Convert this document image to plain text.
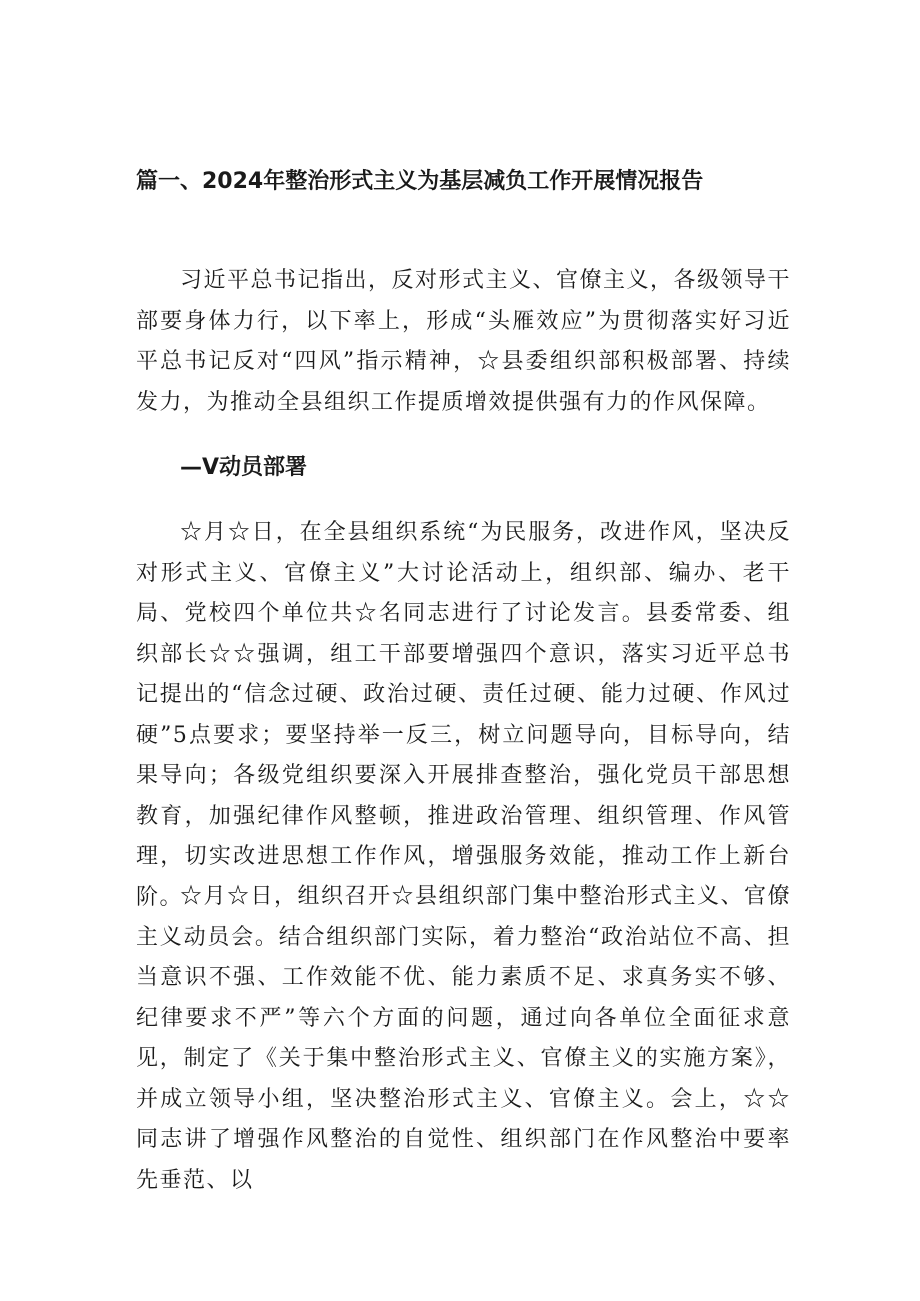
篇一、2024年整治形式主义为基层减负工作开展情况报告

习近平总书记指出，反对形式主义、官僚主义，各级领导干部要身体力行，以下率上，形成“头雁效应”为贯彻落实好习近平总书记反对“四风”指示精神，☆县委组织部积极部署、持续发力，为推动全县组织工作提质增效提供强有力的作风保障。

—V动员部署

☆月☆日，在全县组织系统“为民服务，改进作风，坚决反对形式主义、官僚主义”大讨论活动上，组织部、编办、老干局、党校四个单位共☆名同志进行了讨论发言。县委常委、组织部长☆☆强调，组工干部要增强四个意识，落实习近平总书记提出的“信念过硬、政治过硬、责任过硬、能力过硬、作风过硬”5点要求；要坚持举一反三，树立问题导向，目标导向，结果导向；各级党组织要深入开展排查整治，强化党员干部思想教育，加强纪律作风整顿，推进政治管理、组织管理、作风管理，切实改进思想工作作风，增强服务效能，推动工作上新台阶。

☆月☆日，组织召开☆县组织部门集中整治形式主义、官僚主义动员会。结合组织部门实际，着力整治“政治站位不高、担当意识不强、工作效能不优、能力素质不足、求真务实不够、纪律要求不严”等六个方面的问题，通过向各单位全面征求意见，制定了《关于集中整治形式主义、官僚主义的实施方案》，并成立领导小组，坚决整治形式主义、官僚主义。会上，☆☆同志讲了增强作风整治的自觉性、组织部门在作风整治中要率先垂范、以
